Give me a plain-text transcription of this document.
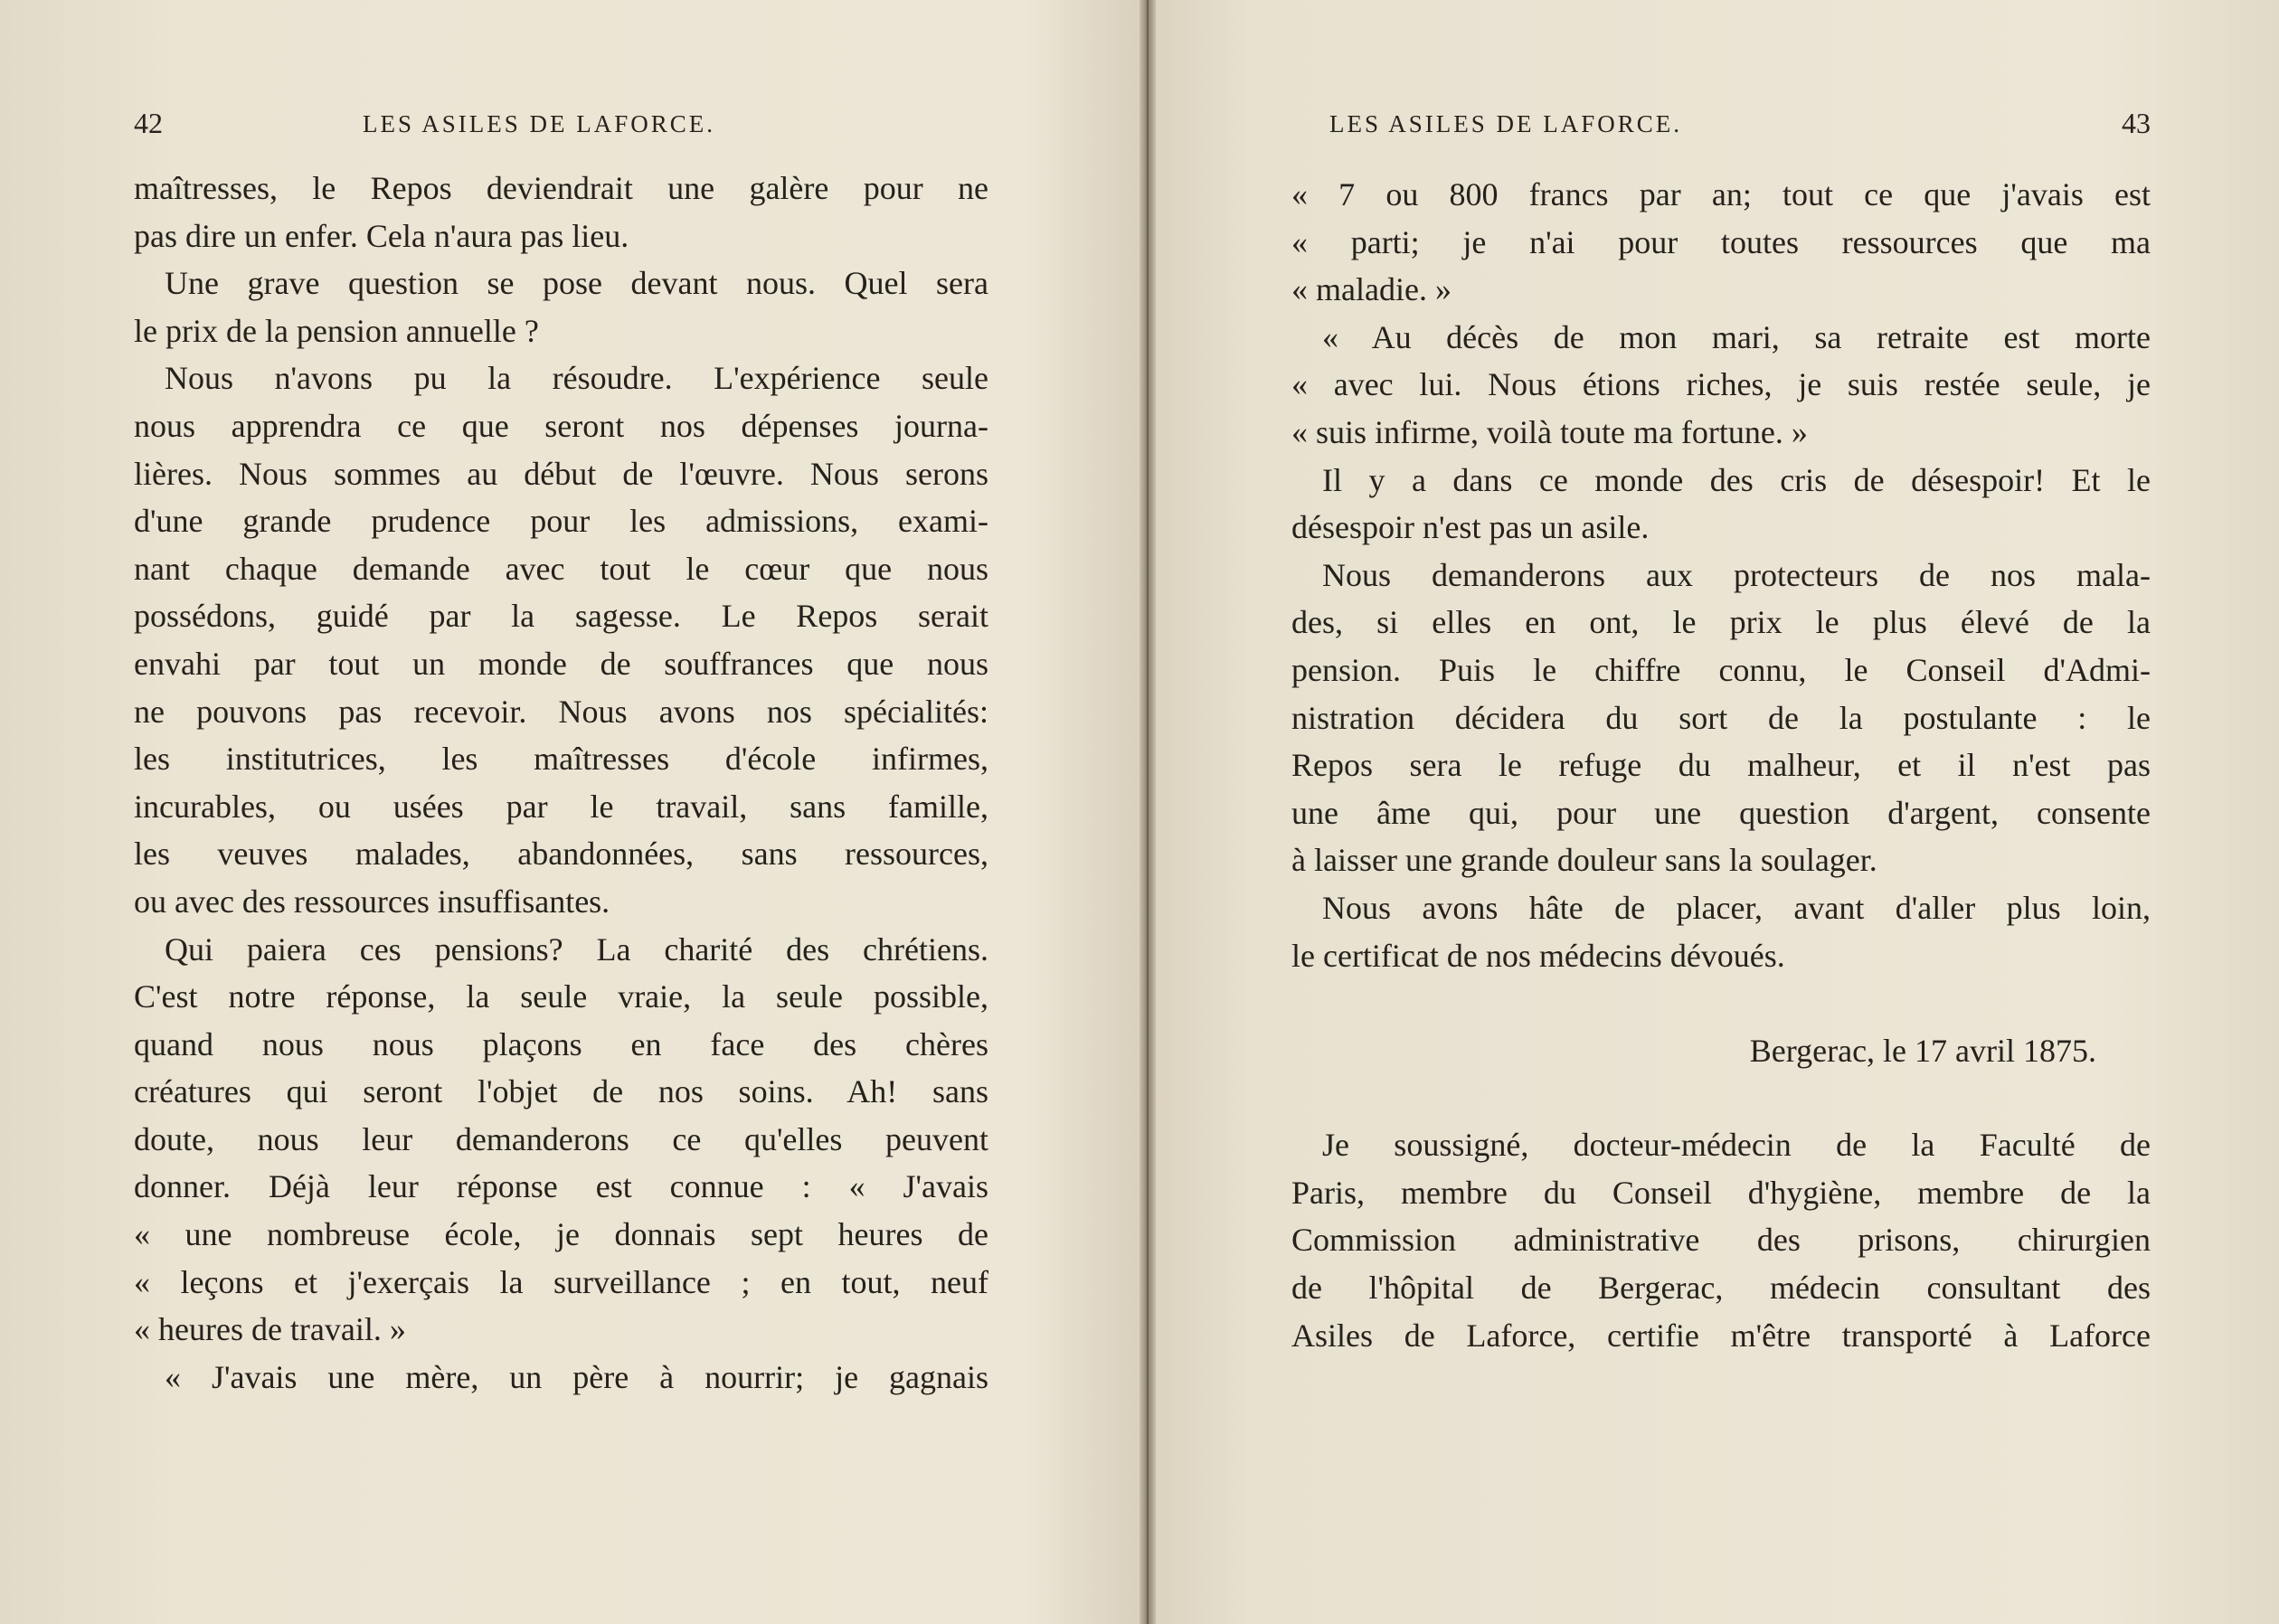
42	LES ASILES DE LAFORCE.

maîtresses, le Repos deviendrait une galère pour ne

pas dire un enfer. Cela n'aura pas lieu.

Une grave question se pose devant nous. Quel sera

le prix de la pension annuelle ?

Nous n'avons pu la résoudre. L'expérience seule

nous apprendra ce que seront nos dépenses journa-

lières. Nous sommes au début de l'œuvre. Nous serons

d'une grande prudence pour les admissions, exami-

nant chaque demande avec tout le cœur que nous

possédons, guidé par la sagesse. Le Repos serait

envahi par tout un monde de souffrances que nous

ne pouvons pas recevoir. Nous avons nos spécialités:

les institutrices, les maîtresses d'école infirmes,

incurables, ou usées par le travail, sans famille,

les veuves malades, abandonnées, sans ressources,

ou avec des ressources insuffisantes.

Qui paiera ces pensions? La charité des chrétiens.

C'est notre réponse, la seule vraie, la seule possible,

quand nous nous plaçons en face des chères

créatures qui seront l'objet de nos soins. Ah! sans

doute, nous leur demanderons ce qu'elles peuvent

donner. Déjà leur réponse est connue : « J'avais

« une nombreuse école, je donnais sept heures de

« leçons et j'exerçais la surveillance ; en tout, neuf

« heures de travail. »

« J'avais une mère, un père à nourrir; je gagnais

LES ASILES DE LAFORCE.	43

« 7 ou 800 francs par an; tout ce que j'avais est

« parti; je n'ai pour toutes ressources que ma

« maladie. »

« Au décès de mon mari, sa retraite est morte

« avec lui. Nous étions riches, je suis restée seule, je

« suis infirme, voilà toute ma fortune. »

Il y a dans ce monde des cris de désespoir! Et le

désespoir n'est pas un asile.

Nous demanderons aux protecteurs de nos mala-

des, si elles en ont, le prix le plus élevé de la

pension. Puis le chiffre connu, le Conseil d'Admi-

nistration décidera du sort de la postulante : le

Repos sera le refuge du malheur, et il n'est pas

une âme qui, pour une question d'argent, consente

à laisser une grande douleur sans la soulager.

Nous avons hâte de placer, avant d'aller plus loin,

le certificat de nos médecins dévoués.

Bergerac, le 17 avril 1875.

Je soussigné, docteur-médecin de la Faculté de

Paris, membre du Conseil d'hygiène, membre de la

Commission administrative des prisons, chirurgien

de l'hôpital de Bergerac, médecin consultant des

Asiles de Laforce, certifie m'être transporté à Laforce
